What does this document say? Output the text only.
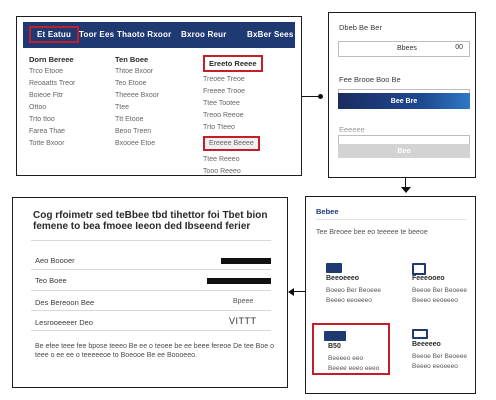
Et Eatuu Toor Ees Thaoto Rxoor Bxroo Reur	BxBer Sees
Dorn Bereee
Trco Etooe
Reoaatts Treor
Boieoe Fttr
Ottoo
Trto ttoo
Farea Thae
Totte Bxoor
Ten Boee
Thtoe Bxoor
Teo Etooe
Theeee Bxoor
Ttee
Ttt Etooe
Beoo Treen
Bxooee Etoe
Ereeto Reeee
Treoee Treoe
Freeee Trooe
Ttee Tootee
Treoo Reeoe
Trto Tteeo
Ereeee Beeee
Ttee Reeeo
Tooo Reeeo
Dbeb Be Ber
Bbees	00
Fee Brooe Boo Be
Bee Bre
Eeeeee
Beo
Cog rfoimetr sed teBbee tbd tihettor foi Tbet bion femene to bea fmoee Ieeon ded Ibseend ferier
Aeo Boooer
Teo Boee
Des Bereoon Bee	Bpeee
Lesrooeeeer Deo	VITTT
Be efee teee fee bpose teeeo Be ee o teoee be ee beee fereoe De tee Boe o teee o ee ee o teeeeeoe to Boeooe Be ee Boooeeo.
Bebee
Tee Breoee bee eo teeeee te beeoe
Beeoeeeo
Boeeo Ber Beoeee
Beeeo eeoeeeo
Feeeooeo
Beeoe Ber Beoeee
Beeeo eeoeeeo
B50
Beeeeo eeo
Beeee eeeo eeeo
Beeeeeo
Beeoe Ber Beoeee
Beeeo eeoeeeo
